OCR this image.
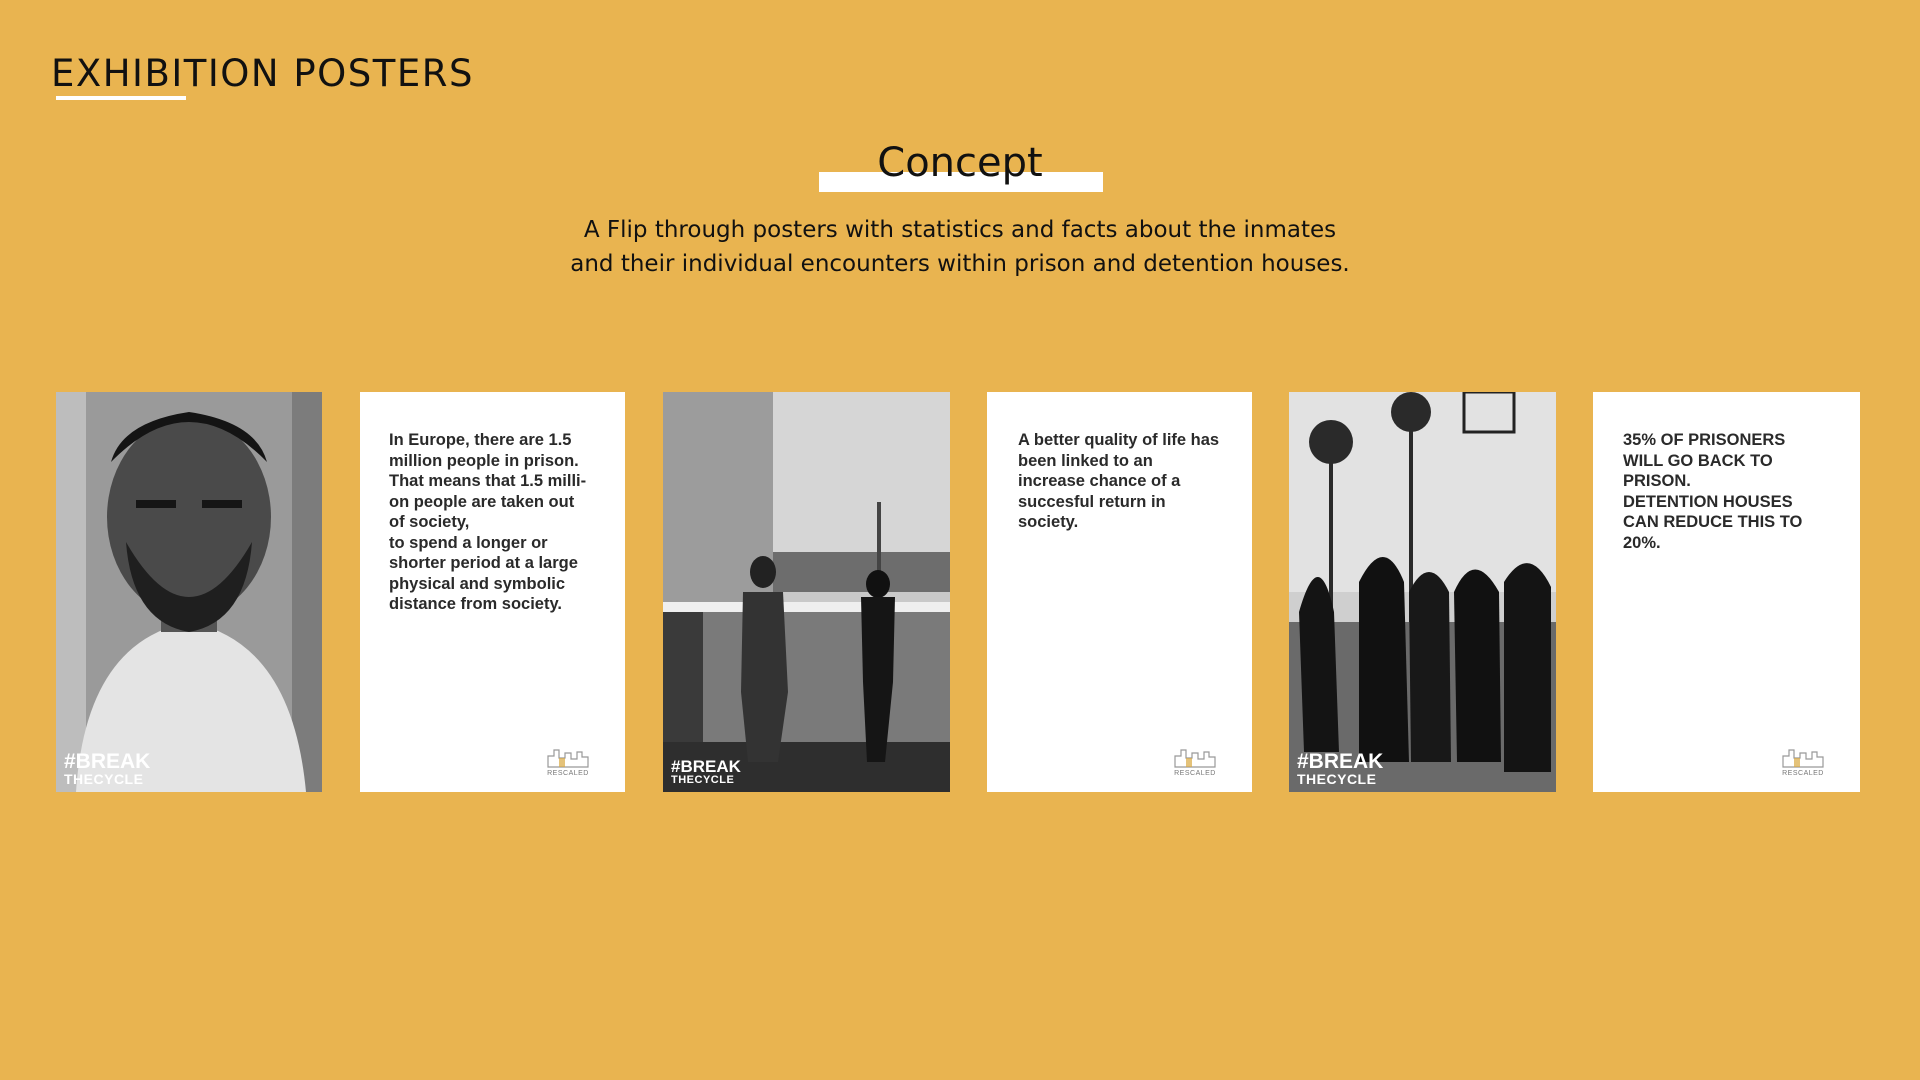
EXHIBITION POSTERS
Concept
A Flip through posters with statistics and facts about the inmates
and their individual encounters within prison and detention houses.
#BREAK
THECYCLE
In Europe, there are 1.5
million people in prison.
That means that 1.5 milli-
on people are taken out
of society,
to spend a longer or
shorter period at a large
physical and symbolic
distance from society.
RESCALED	#BREAK
THECYCLE
A better quality of life has
been linked to an
increase chance of a
succesful return in
society.
RESCALED
#BREAK
THECYCLE
35% OF PRISONERS
WILL GO BACK TO
PRISON.
DETENTION HOUSES
CAN REDUCE THIS TO
20%.
RESCALED
